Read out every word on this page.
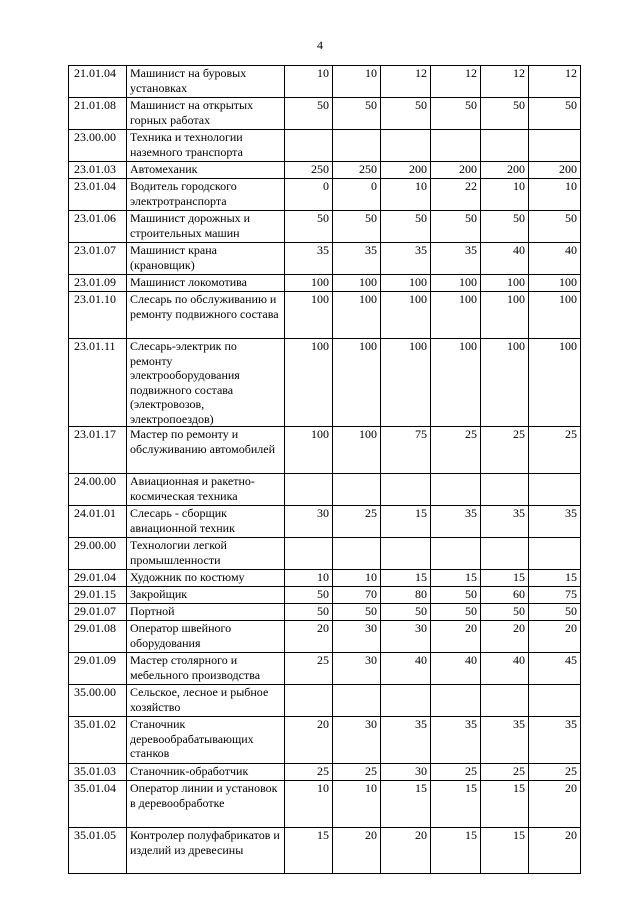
4
21.01.04	Машинист на буровых установках	10	10	12	12	12	12
21.01.08	Машинист на открытых горных работах	50	50	50	50	50	50
23.00.00	Техника и технологии наземного транспорта						
23.01.03	Автомеханик	250	250	200	200	200	200
23.01.04	Водитель городского электротранспорта	0	0	10	22	10	10
23.01.06	Машинист дорожных и строительных машин	50	50	50	50	50	50
23.01.07	Машинист крана (крановщик)	35	35	35	35	40	40
23.01.09	Машинист локомотива	100	100	100	100	100	100
23.01.10	Слесарь по обслуживанию и ремонту подвижного состава	100	100	100	100	100	100
23.01.11	Слесарь-электрик по ремонту электрооборудования подвижного состава (электровозов, электропоездов)	100	100	100	100	100	100
23.01.17	Мастер по ремонту и обслуживанию автомобилей	100	100	75	25	25	25
24.00.00	Авиационная и ракетно-космическая техника						
24.01.01	Слесарь - сборщик авиационной техник	30	25	15	35	35	35
29.00.00	Технологии легкой промышленности						
29.01.04	Художник по костюму	10	10	15	15	15	15
29.01.15	Закройщик	50	70	80	50	60	75
29.01.07	Портной	50	50	50	50	50	50
29.01.08	Оператор швейного оборудования	20	30	30	20	20	20
29.01.09	Мастер столярного и мебельного производства	25	30	40	40	40	45
35.00.00	Сельское, лесное и рыбное хозяйство						
35.01.02	Станочник деревообрабатывающих станков	20	30	35	35	35	35
35.01.03	Станочник-обработчик	25	25	30	25	25	25
35.01.04	Оператор линии и установок в деревообработке	10	10	15	15	15	20
35.01.05	Контролер полуфабрикатов и изделий из древесины	15	20	20	15	15	20
